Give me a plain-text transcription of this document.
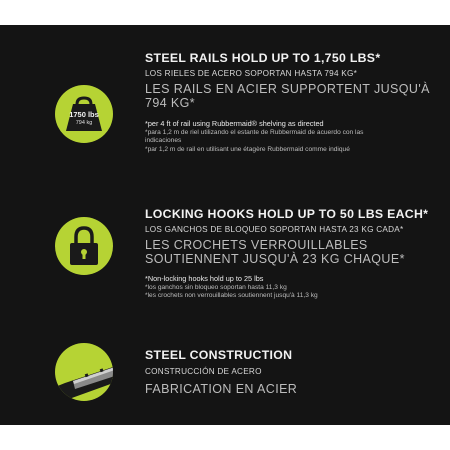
1750 lbs
794 kg
STEEL RAILS HOLD UP TO 1,750 LBS*
LOS RIELES DE ACERO SOPORTAN HASTA 794 KG*
LES RAILS EN ACIER SUPPORTENT JUSQU'À 794 KG*
*per 4 ft of rail using Rubbermaid® shelving as directed
*para 1,2 m de riel utilizando el estante de Rubbermaid de acuerdo con las indicaciones
*par 1,2 m de rail en utilisant une étagère Rubbermaid comme indiqué
LOCKING HOOKS HOLD UP TO 50 LBS EACH*
LOS GANCHOS DE BLOQUEO SOPORTAN HASTA 23 KG CADA*
LES CROCHETS VERROUILLABLES SOUTIENNENT JUSQU'À 23 KG CHAQUE*
*Non-locking hooks hold up to 25 lbs
*los ganchos sin bloqueo soportan hasta 11,3 kg
*les crochets non verrouillables soutiennent jusqu'à 11,3 kg
STEEL CONSTRUCTION
CONSTRUCCIÓN DE ACERO
FABRICATION EN ACIER
